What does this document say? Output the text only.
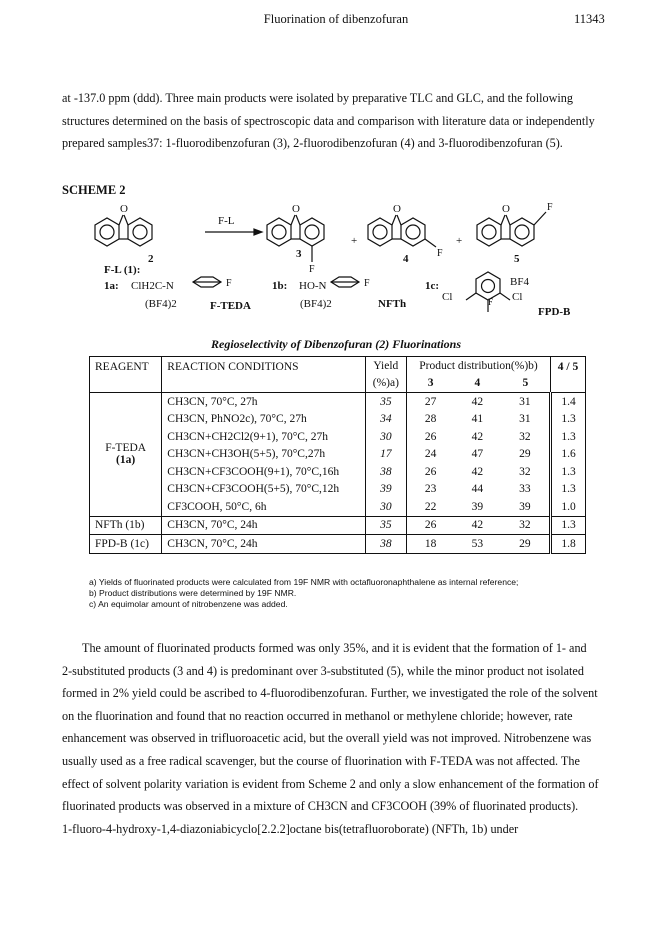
Fluorination of dibenzofuran	11343

at -137.0 ppm (ddd). Three main products were isolated by preparative TLC and GLC, and the following

structures determined on the basis of spectroscopic data and comparison with literature data or independently

prepared samples37: 1-fluorodibenzofuran (3), 2-fluorodibenzofuran (4) and 3-fluorodibenzofuran (5).

SCHEME 2
O	O	O	O
F-L
F
F
F
+	+
2	3	4	5
F
F	F
F-L (1):
1a: ClH2C-N
(BF4)2	F-TEDA
1b: HO-N
(BF4)2	NFTh
1c:
Cl	Cl
BF4
FPD-B
Regioselectivity of Dibenzofuran (2) Fluorinations
REAGENT	REACTION CONDITIONS	Yield	Product distribution(%)b)			4 / 5
		(%)a)	3	4	5	

F-TEDA
(1a)	CH3CN, 70°C, 27h	35	27	42	31	1.4
	CH3CN, PhNO2c), 70°C, 27h	34	28	41	31	1.3
	CH3CN+CH2Cl2(9+1), 70°C, 27h	30	26	42	32	1.3
	CH3CN+CH3OH(5+5), 70°C,27h	17	24	47	29	1.6
	CH3CN+CF3COOH(9+1), 70°C,16h	38	26	42	32	1.3
	CH3CN+CF3COOH(5+5), 70°C,12h	39	23	44	33	1.3
	CF3COOH, 50°C, 6h	30	22	39	39	1.0
NFTh (1b)	CH3CN, 70°C, 24h	35	26	42	32	1.3
FPD-B (1c)	CH3CN, 70°C, 24h	38	18	53	29	1.8
a) Yields of fluorinated products were calculated from 19F NMR with octafluoronaphthalene as internal reference;
b) Product distributions were determined by 19F NMR.
c) An equimolar amount of nitrobenzene was added.

The amount of fluorinated products formed was only 35%, and it is evident that the formation of 1- and

2-substituted products (3 and 4) is predominant over 3-substituted (5), while the minor product not isolated

formed in 2% yield could be ascribed to 4-fluorodibenzofuran. Further, we investigated the role of the solvent

on the fluorination and found that no reaction occurred in methanol or methylene chloride; however, rate

enhancement was observed in trifluoroacetic acid, but the overall yield was not improved. Nitrobenzene was

usually used as a free radical scavenger, but the course of fluorination with F-TEDA was not affected. The

effect of solvent polarity variation is evident from Scheme 2 and only a slow enhancement of the formation of

fluorinated products was observed in a mixture of CH3CN and CF3COOH (39% of fluorinated products).

1-fluoro-4-hydroxy-1,4-diazoniabicyclo[2.2.2]octane bis(tetrafluoroborate) (NFTh, 1b) under
